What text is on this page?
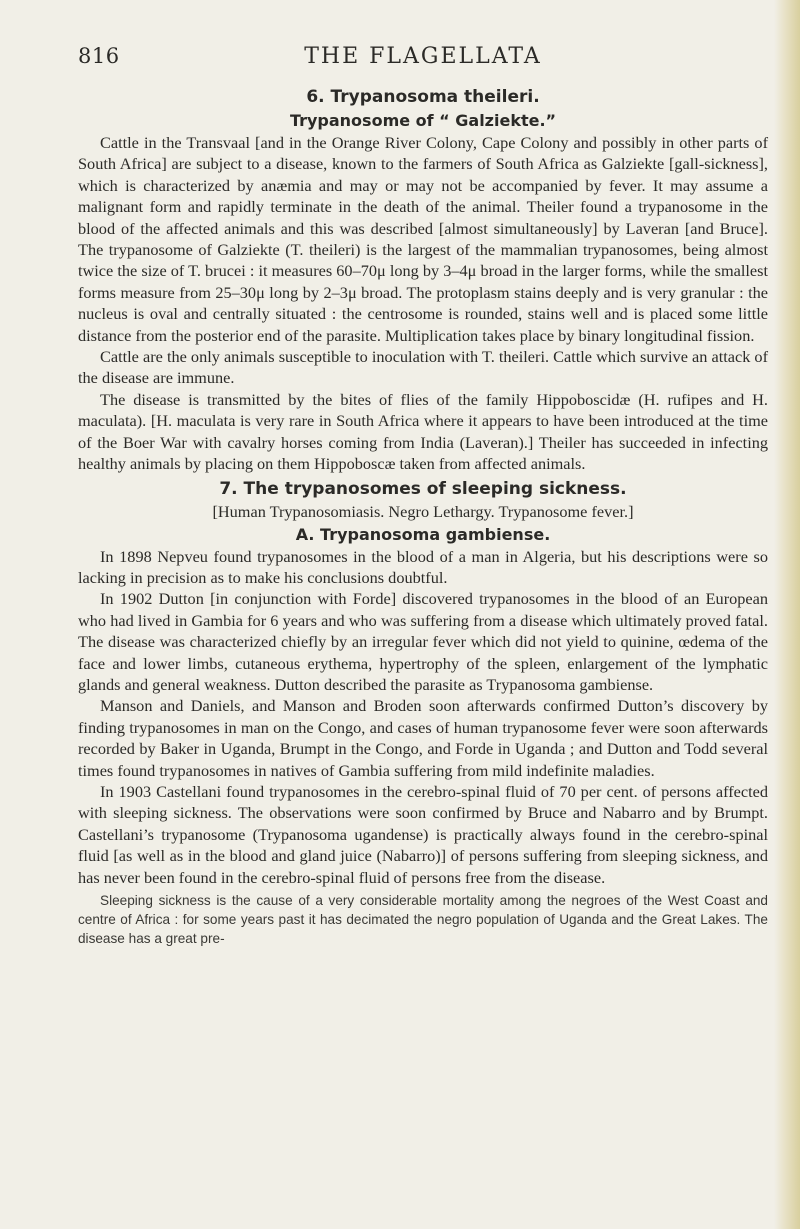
816	THE FLAGELLATA
6. Trypanosoma theileri.
Trypanosome of “ Galziekte.”

Cattle in the Transvaal [and in the Orange River Colony, Cape Colony and possibly in other parts of South Africa] are subject to a disease, known to the farmers of South Africa as Galziekte [gall-sickness], which is characterized by anæmia and may or may not be accompanied by fever. It may assume a malignant form and rapidly terminate in the death of the animal. Theiler found a trypanosome in the blood of the affected animals and this was described [almost simultaneously] by Laveran [and Bruce]. The trypanosome of Galziekte (T. theileri) is the largest of the mammalian trypanosomes, being almost twice the size of T. brucei : it measures 60–70μ long by 3–4μ broad in the larger forms, while the smallest forms measure from 25–30μ long by 2–3μ broad. The protoplasm stains deeply and is very granular : the nucleus is oval and centrally situated : the centrosome is rounded, stains well and is placed some little distance from the posterior end of the parasite. Multiplication takes place by binary longitudinal fission.

Cattle are the only animals susceptible to inoculation with T. theileri. Cattle which survive an attack of the disease are immune.

The disease is transmitted by the bites of flies of the family Hippoboscidæ (H. rufipes and H. maculata). [H. maculata is very rare in South Africa where it appears to have been introduced at the time of the Boer War with cavalry horses coming from India (Laveran).] Theiler has succeeded in infecting healthy animals by placing on them Hippoboscæ taken from affected animals.

7. The trypanosomes of sleeping sickness.

[Human Trypanosomiasis. Negro Lethargy. Trypanosome fever.]

A. Trypanosoma gambiense.

In 1898 Nepveu found trypanosomes in the blood of a man in Algeria, but his descriptions were so lacking in precision as to make his conclusions doubtful.

In 1902 Dutton [in conjunction with Forde] discovered trypanosomes in the blood of an European who had lived in Gambia for 6 years and who was suffering from a disease which ultimately proved fatal. The disease was characterized chiefly by an irregular fever which did not yield to quinine, œdema of the face and lower limbs, cutaneous erythema, hypertrophy of the spleen, enlargement of the lymphatic glands and general weakness. Dutton described the parasite as Trypanosoma gambiense.

Manson and Daniels, and Manson and Broden soon afterwards confirmed Dutton’s discovery by finding trypanosomes in man on the Congo, and cases of human trypanosome fever were soon afterwards recorded by Baker in Uganda, Brumpt in the Congo, and Forde in Uganda ; and Dutton and Todd several times found trypanosomes in natives of Gambia suffering from mild indefinite maladies.

In 1903 Castellani found trypanosomes in the cerebro-spinal fluid of 70 per cent. of persons affected with sleeping sickness. The observations were soon confirmed by Bruce and Nabarro and by Brumpt. Castellani’s trypanosome (Trypanosoma ugandense) is practically always found in the cerebro-spinal fluid [as well as in the blood and gland juice (Nabarro)] of persons suffering from sleeping sickness, and has never been found in the cerebro-spinal fluid of persons free from the disease.

Sleeping sickness is the cause of a very considerable mortality among the negroes of the West Coast and centre of Africa : for some years past it has decimated the negro population of Uganda and the Great Lakes. The disease has a great pre-
